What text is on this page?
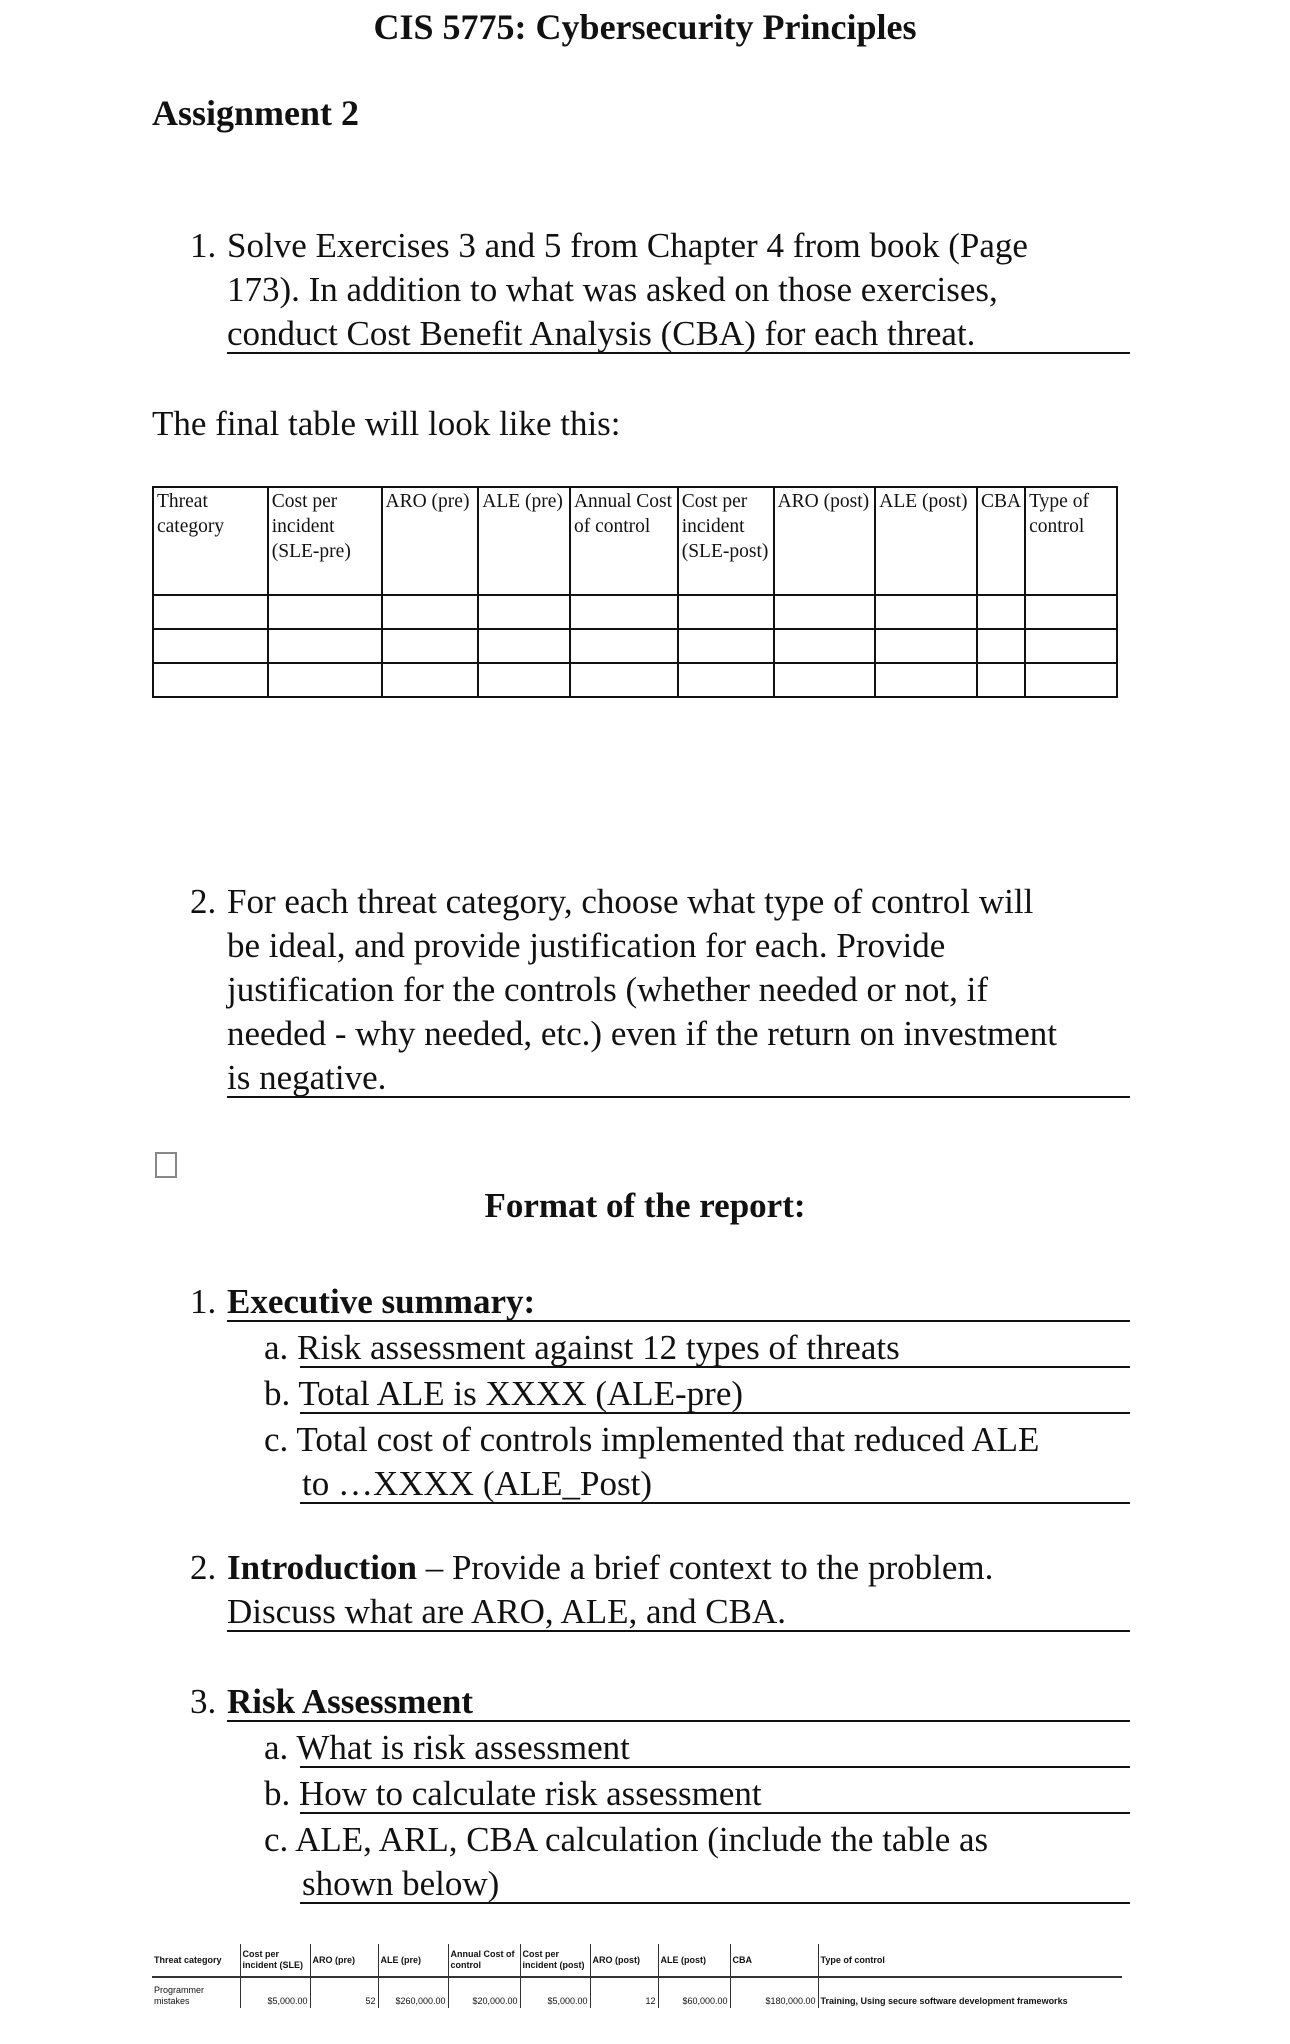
CIS 5775: Cybersecurity Principles
Assignment 2
1. Solve Exercises 3 and 5 from Chapter 4 from book (Page
173). In addition to what was asked on those exercises,
conduct Cost Benefit Analysis (CBA) for each threat.
The final table will look like this:
Threat category	Cost per incident (SLE-pre)	ARO (pre)	ALE (pre)	Annual Cost of control	Cost per incident (SLE-post)	ARO (post)	ALE (post)	CBA	Type of control

2. For each threat category, choose what type of control will
be ideal, and provide justification for each. Provide
justification for the controls (whether needed or not, if
needed - why needed, etc.) even if the return on investment
is negative.
Format of the report:
1. Executive summary:
a. Risk assessment against 12 types of threats
b. Total ALE is XXXX (ALE-pre)
c. Total cost of controls implemented that reduced ALE
to …XXXX (ALE_Post)
2. Introduction – Provide a brief context to the problem.
Discuss what are ARO, ALE, and CBA.
3. Risk Assessment
a. What is risk assessment
b. How to calculate risk assessment
c. ALE, ARL, CBA calculation (include the table as
shown below)
Threat category	Cost per incident (SLE)	ARO (pre)	ALE (pre)	Annual Cost of control	Cost per incident (post)	ARO (post)	ALE (post)	CBA	Type of control
Programmer mistakes	$5,000.00	52	$260,000.00	$20,000.00	$5,000.00	12	$60,000.00	$180,000.00	Training, Using secure software development frameworks
